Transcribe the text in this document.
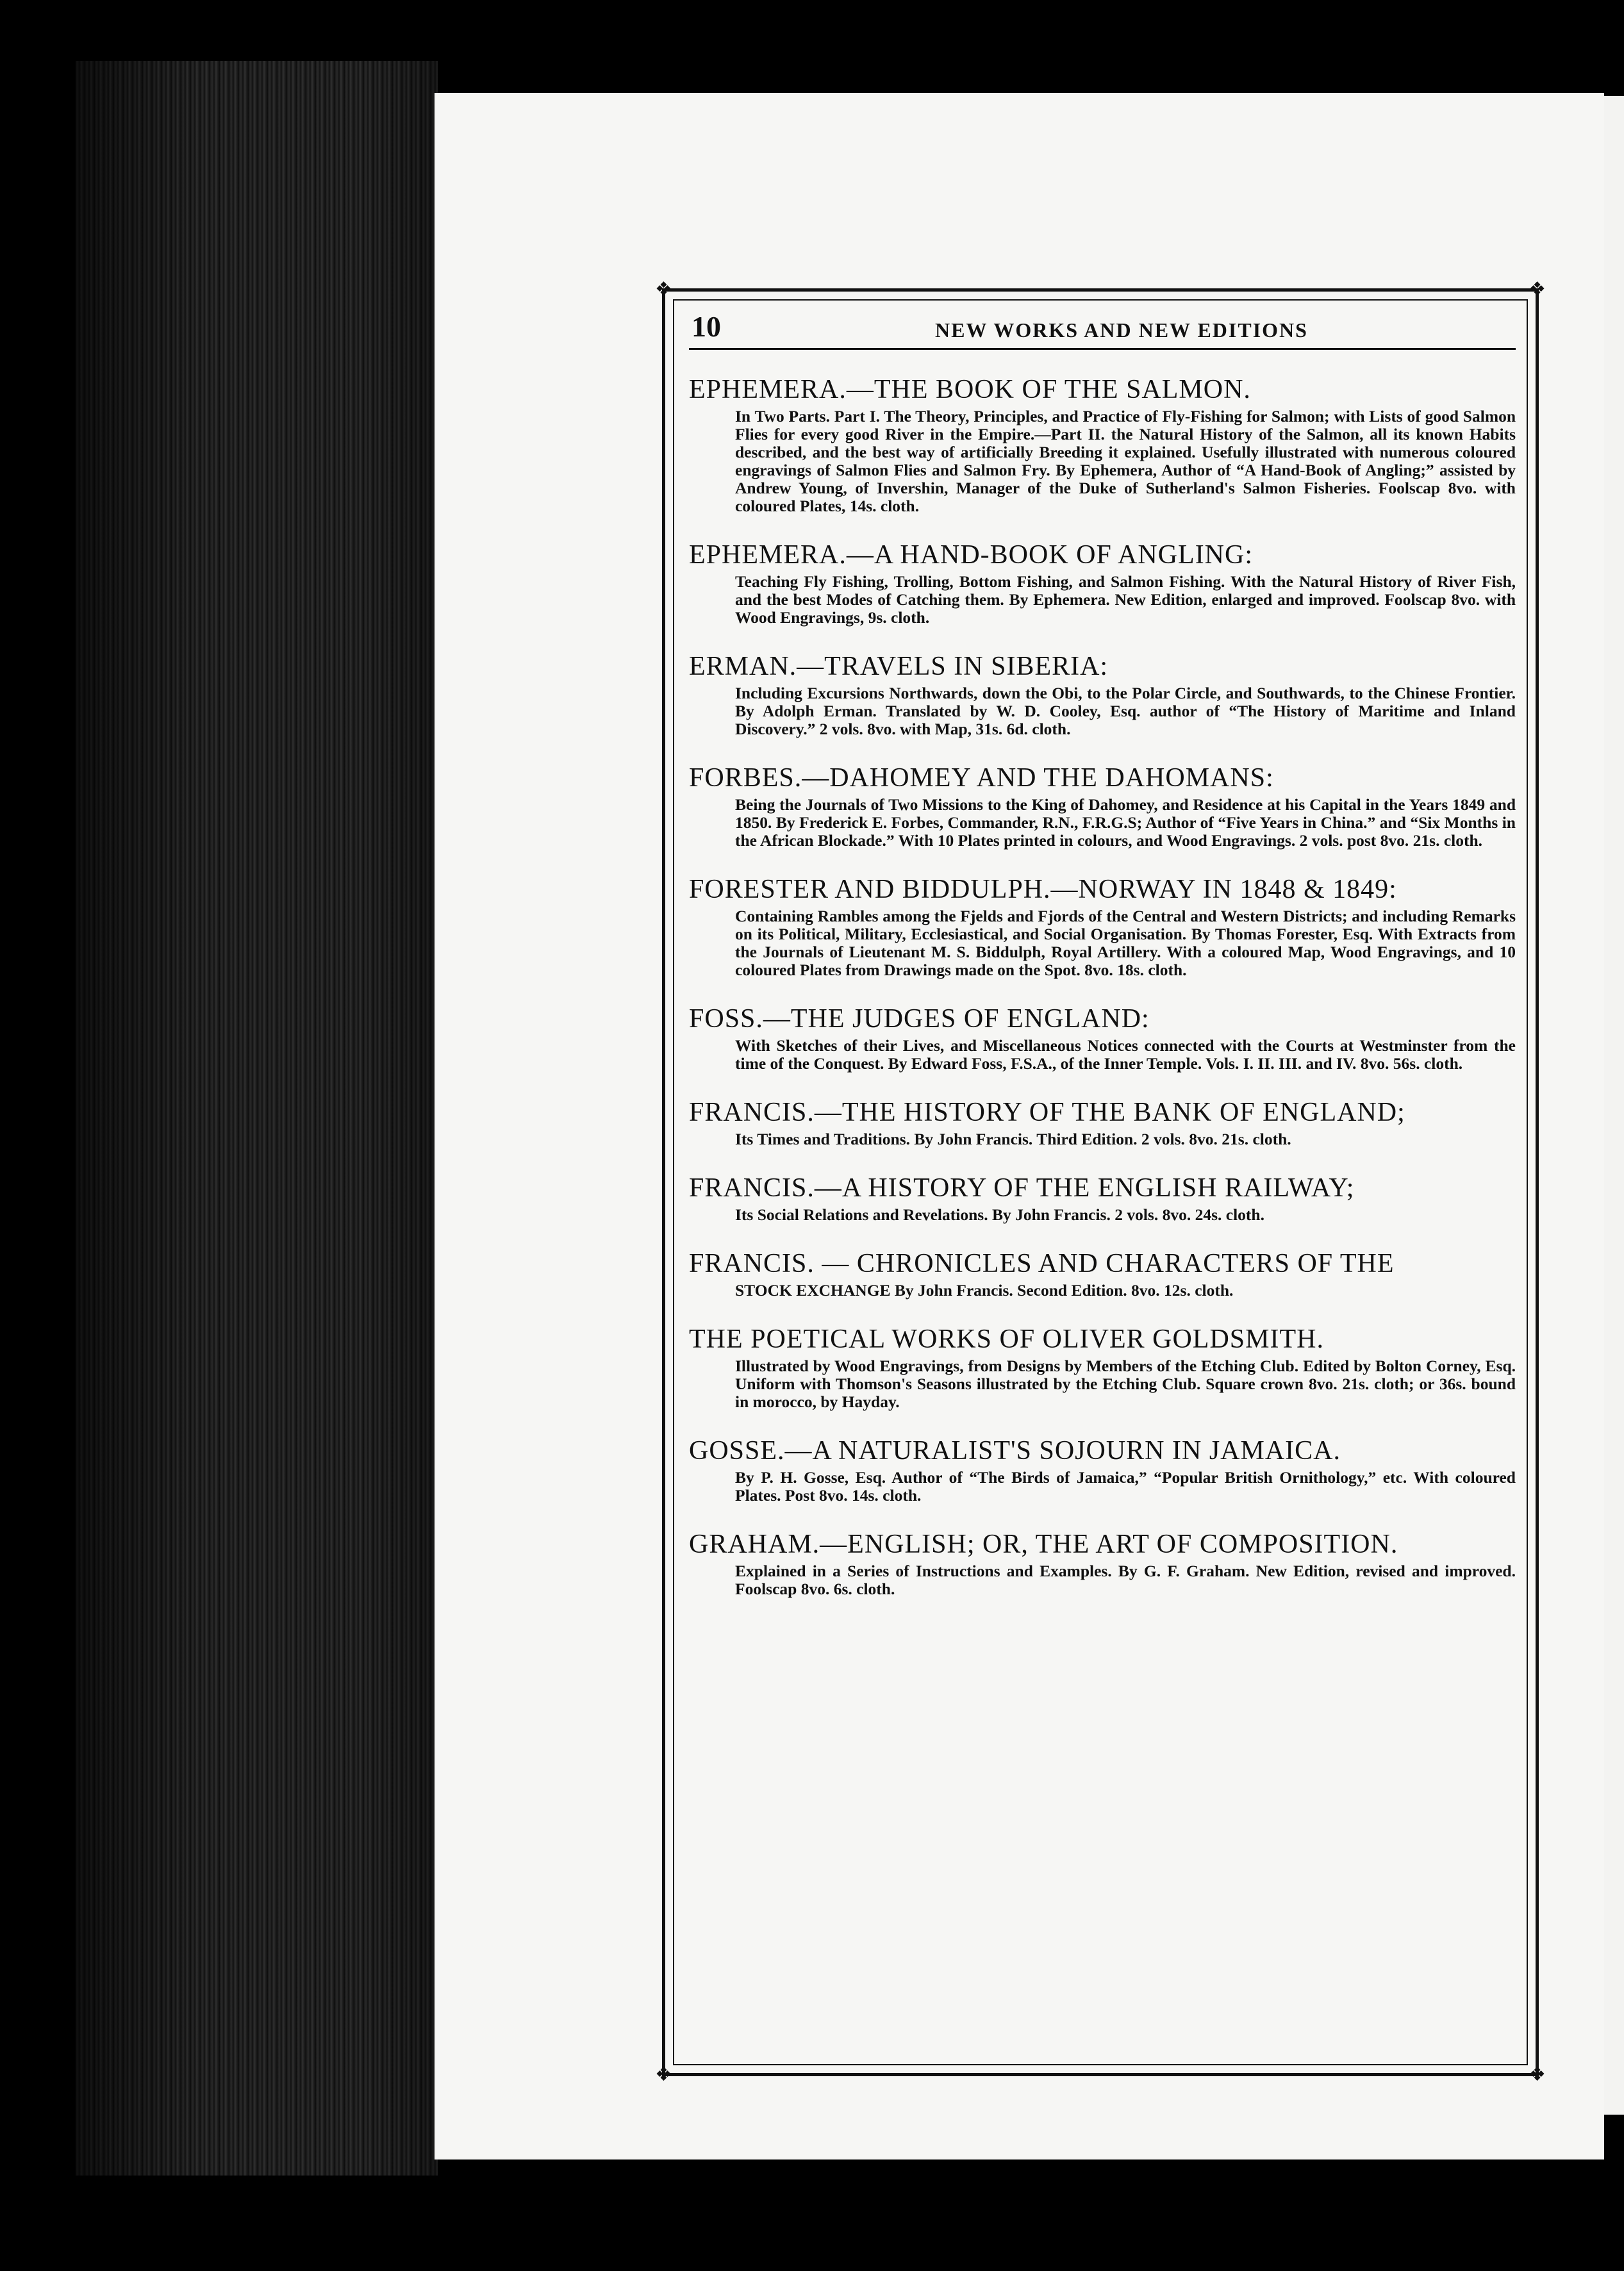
❖	❖
❖	❖
10	NEW WORKS AND NEW EDITIONS
EPHEMERA.—THE BOOK OF THE SALMON.
In Two Parts. Part I. The Theory, Principles, and Practice of Fly-Fishing for Salmon; with Lists of good Salmon Flies for every good River in the Empire.—Part II. the Natural History of the Salmon, all its known Habits described, and the best way of artificially Breeding it explained. Usefully illustrated with numerous coloured engravings of Salmon Flies and Salmon Fry. By Ephemera, Author of “A Hand-Book of Angling;” assisted by Andrew Young, of Invershin, Manager of the Duke of Sutherland's Salmon Fisheries. Foolscap 8vo. with coloured Plates, 14s. cloth.
EPHEMERA.—A HAND-BOOK OF ANGLING:
Teaching Fly Fishing, Trolling, Bottom Fishing, and Salmon Fishing. With the Natural History of River Fish, and the best Modes of Catching them. By Ephemera. New Edition, enlarged and improved. Foolscap 8vo. with Wood Engravings, 9s. cloth.
ERMAN.—TRAVELS IN SIBERIA:
Including Excursions Northwards, down the Obi, to the Polar Circle, and Southwards, to the Chinese Frontier. By Adolph Erman. Translated by W. D. Cooley, Esq. author of “The History of Maritime and Inland Discovery.” 2 vols. 8vo. with Map, 31s. 6d. cloth.
FORBES.—DAHOMEY AND THE DAHOMANS:
Being the Journals of Two Missions to the King of Dahomey, and Residence at his Capital in the Years 1849 and 1850. By Frederick E. Forbes, Commander, R.N., F.R.G.S; Author of “Five Years in China.” and “Six Months in the African Blockade.” With 10 Plates printed in colours, and Wood Engravings. 2 vols. post 8vo. 21s. cloth.
FORESTER AND BIDDULPH.—NORWAY IN 1848 & 1849:
Containing Rambles among the Fjelds and Fjords of the Central and Western Districts; and including Remarks on its Political, Military, Ecclesiastical, and Social Organisation. By Thomas Forester, Esq. With Extracts from the Journals of Lieutenant M. S. Biddulph, Royal Artillery. With a coloured Map, Wood Engravings, and 10 coloured Plates from Drawings made on the Spot. 8vo. 18s. cloth.
FOSS.—THE JUDGES OF ENGLAND:
With Sketches of their Lives, and Miscellaneous Notices connected with the Courts at Westminster from the time of the Conquest. By Edward Foss, F.S.A., of the Inner Temple. Vols. I. II. III. and IV. 8vo. 56s. cloth.
FRANCIS.—THE HISTORY OF THE BANK OF ENGLAND;
Its Times and Traditions. By John Francis. Third Edition. 2 vols. 8vo. 21s. cloth.
FRANCIS.—A HISTORY OF THE ENGLISH RAILWAY;
Its Social Relations and Revelations. By John Francis. 2 vols. 8vo. 24s. cloth.
FRANCIS. — CHRONICLES AND CHARACTERS OF THE
STOCK EXCHANGE By John Francis. Second Edition. 8vo. 12s. cloth.
THE POETICAL WORKS OF OLIVER GOLDSMITH.
Illustrated by Wood Engravings, from Designs by Members of the Etching Club. Edited by Bolton Corney, Esq. Uniform with Thomson's Seasons illustrated by the Etching Club. Square crown 8vo. 21s. cloth; or 36s. bound in morocco, by Hayday.
GOSSE.—A NATURALIST'S SOJOURN IN JAMAICA.
By P. H. Gosse, Esq. Author of “The Birds of Jamaica,” “Popular British Ornithology,” etc. With coloured Plates. Post 8vo. 14s. cloth.
GRAHAM.—ENGLISH; OR, THE ART OF COMPOSITION.
Explained in a Series of Instructions and Examples. By G. F. Graham. New Edition, revised and improved. Foolscap 8vo. 6s. cloth.
